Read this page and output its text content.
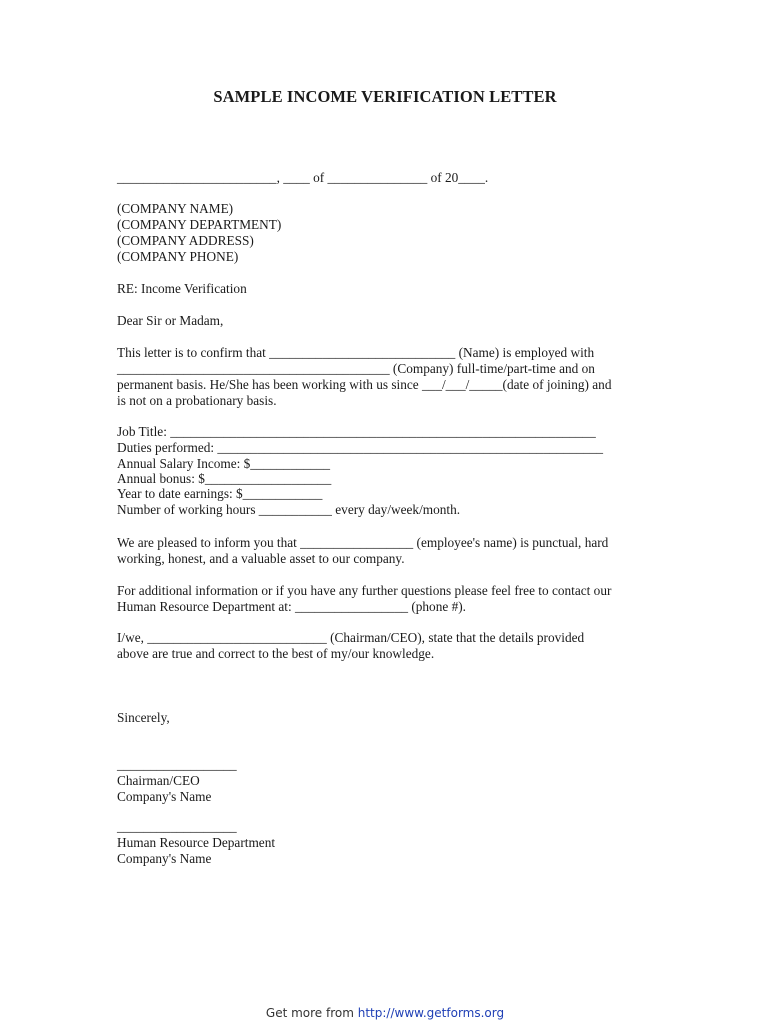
SAMPLE INCOME VERIFICATION LETTER
________________________, ____ of _______________ of 20____.
(COMPANY NAME)
(COMPANY DEPARTMENT)
(COMPANY ADDRESS)
(COMPANY PHONE)
RE: Income Verification
Dear Sir or Madam,
This letter is to confirm that ____________________________ (Name) is employed with
_________________________________________ (Company) full-time/part-time and on
permanent basis. He/She has been working with us since ___/___/_____(date of joining) and
is not on a probationary basis.
Job Title: ________________________________________________________________
Duties performed: __________________________________________________________
Annual Salary Income: $____________
Annual bonus: $___________________
Year to date earnings: $____________
Number of working hours ___________ every day/week/month.
We are pleased to inform you that _________________ (employee's name) is punctual, hard
working, honest, and a valuable asset to our company.
For additional information or if you have any further questions please feel free to contact our
Human Resource Department at: _________________ (phone #).
I/we, ___________________________ (Chairman/CEO), state that the details provided
above are true and correct to the best of my/our knowledge.
Sincerely,
__________________
Chairman/CEO
Company's Name
__________________
Human Resource Department
Company's Name
Get more from http://www.getforms.org
